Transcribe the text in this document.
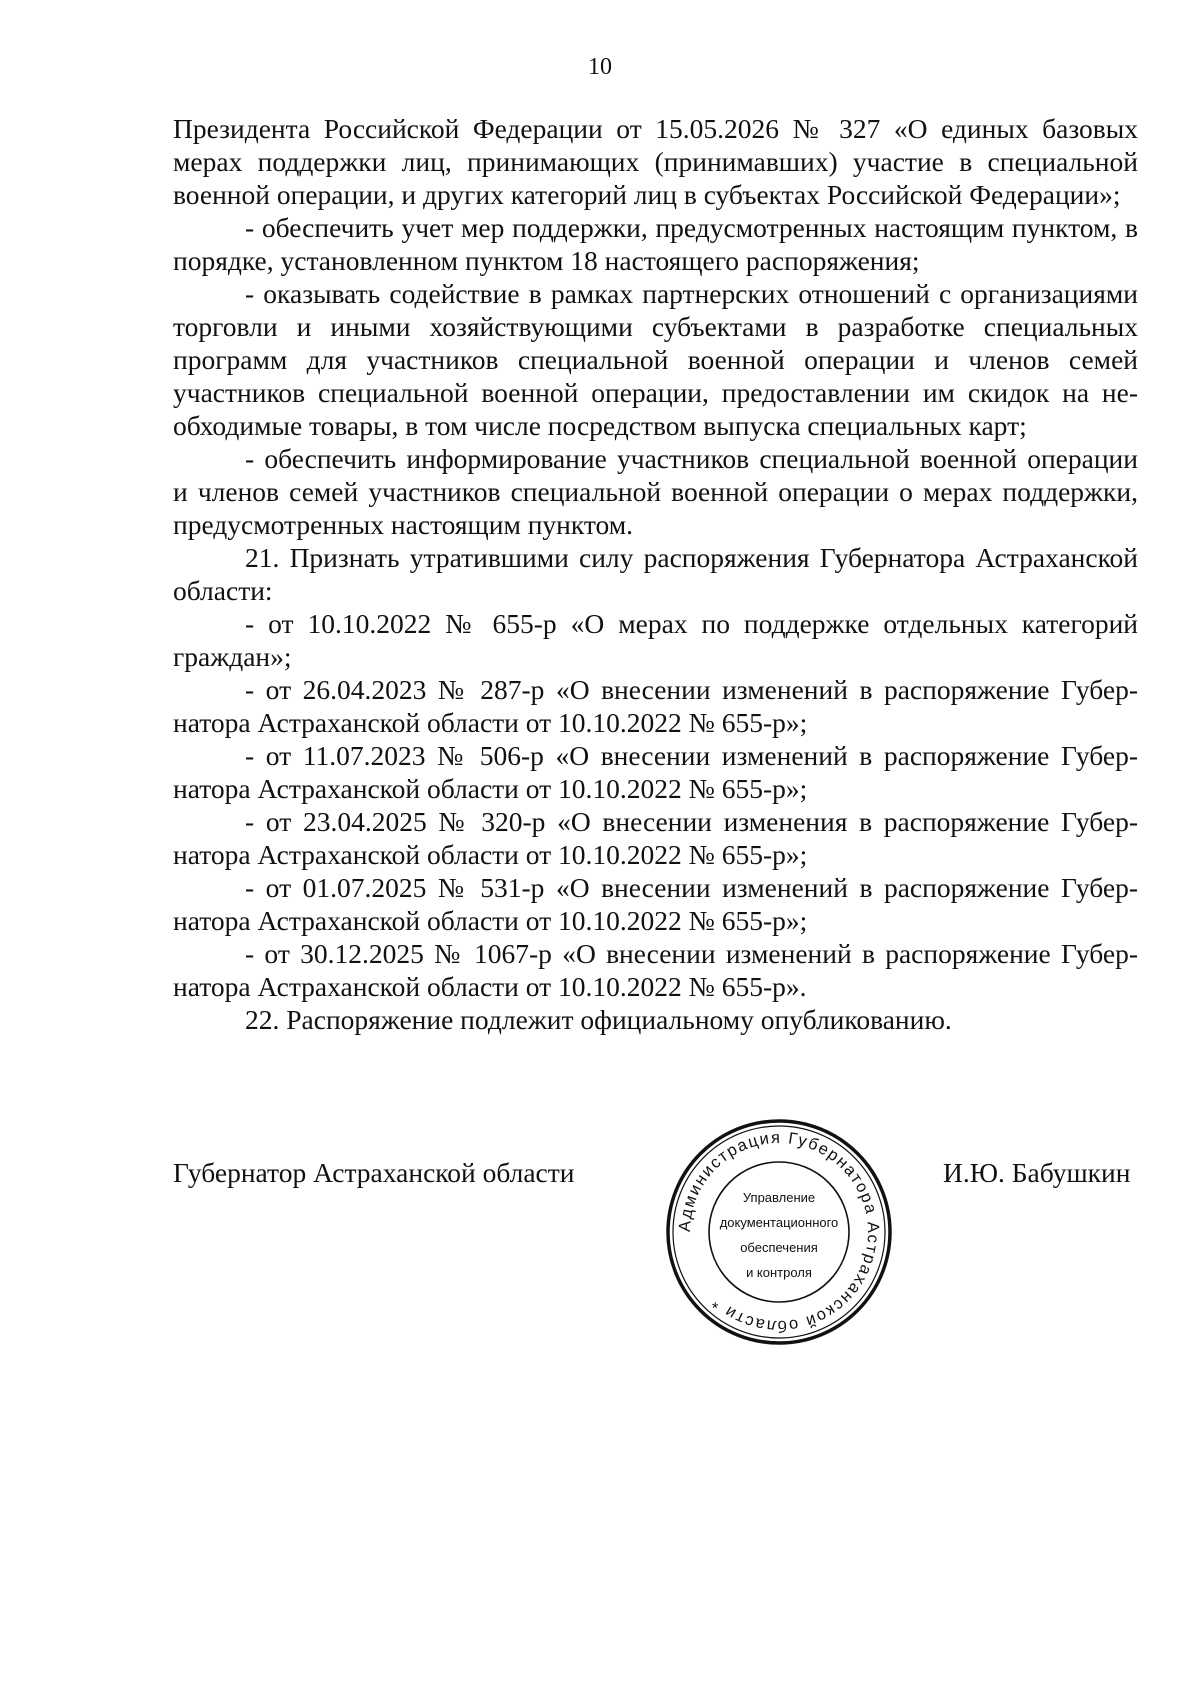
10

Президента Российской Федерации от 15.05.2026 № 327 «О единых базовых мерах поддержки лиц, принимающих (принимавших) участие в специальной военной операции, и других категорий лиц в субъектах Российской Федерации»;

- обеспечить учет мер поддержки, предусмотренных настоящим пунктом, в порядке, установленном пунктом 18 настоящего распоряжения;

- оказывать содействие в рамках партнерских отношений с организациями торговли и иными хозяйствующими субъектами в разработке специальных программ для участников специальной военной операции и членов семей участников специальной военной операции, предоставлении им скидок на необходимые товары, в том числе посредством выпуска специальных карт;

- обеспечить информирование участников специальной военной операции и членов семей участников специальной военной операции о мерах поддержки, предусмотренных настоящим пунктом.

21. Признать утратившими силу распоряжения Губернатора Астраханской области:

- от 10.10.2022 № 655-р «О мерах по поддержке отдельных категорий граждан»;

- от 26.04.2023 № 287-р «О внесении изменений в распоряжение Губернатора Астраханской области от 10.10.2022 № 655-р»;

- от 11.07.2023 № 506-р «О внесении изменений в распоряжение Губернатора Астраханской области от 10.10.2022 № 655-р»;

- от 23.04.2025 № 320-р «О внесении изменения в распоряжение Губернатора Астраханской области от 10.10.2022 № 655-р»;

- от 01.07.2025 № 531-р «О внесении изменений в распоряжение Губернатора Астраханской области от 10.10.2022 № 655-р»;

- от 30.12.2025 № 1067-р «О внесении изменений в распоряжение Губернатора Астраханской области от 10.10.2022 № 655-р».

22. Распоряжение подлежит официальному опубликованию.

Губернатор Астраханской области	И.Ю. Бабушкин
Администрация Губернатора Астраханской области *
Управление
документационного
обеспечения
и контроля
